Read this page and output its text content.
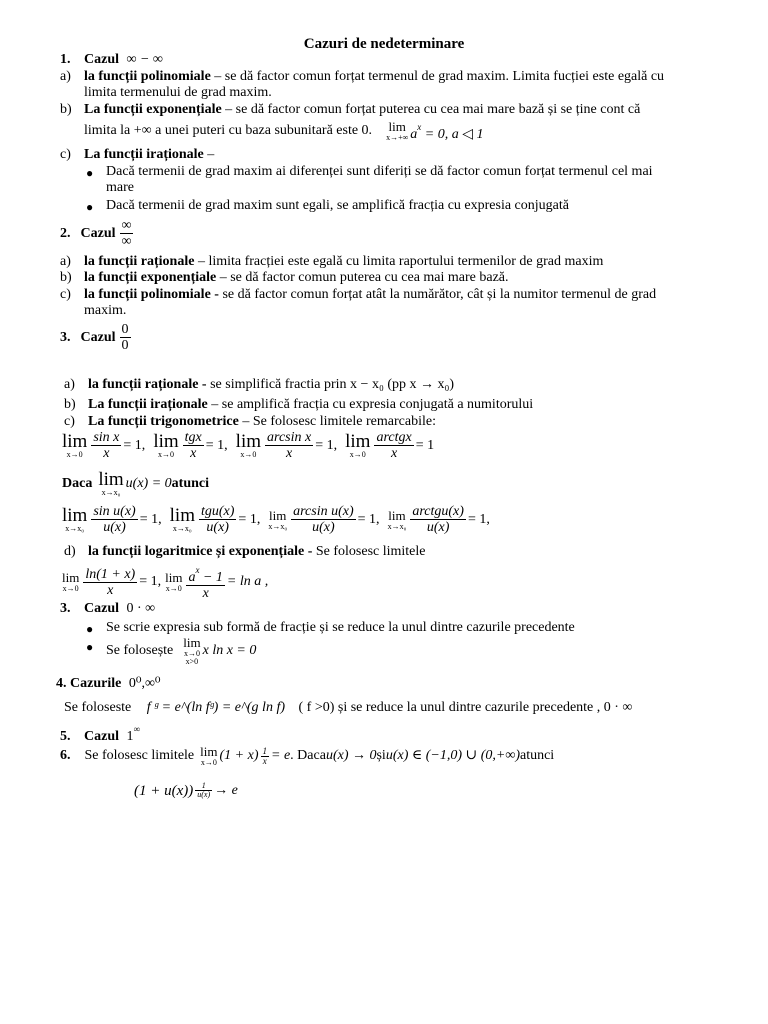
Cazuri de nedeterminare
1. Cazul ∞ − ∞
a) la funcții polinomiale – se dă factor comun forțat termenul de grad maxim. Limita fucției este egală cu
limita termenului de grad maxim.
b) La funcții exponențiale – se dă factor comun forțat puterea cu cea mai mare bază și se ține cont că
limita la +∞ a unei puteri cu baza subunitară este 0. lim
x→+∞ $a^x = 0$, a ◁ 1
c) La funcții iraționale –
● Dacă termenii de grad maxim ai diferenței sunt diferiți se dă factor comun forțat termenul cel mai
mare
● Dacă termenii de grad maxim sunt egali, se amplifică fracția cu expresia conjugată
2. Cazul $\frac{\infty}{\infty}$
a) la funcții raționale – limita fracției este egală cu limita raportului termenilor de grad maxim
b) la funcții exponențiale – se dă factor comun puterea cu cea mai mare bază.
c) la funcții polinomiale - se dă factor comun forțat atât la numărător, cât și la numitor termenul de grad
maxim.
3. Cazul $\frac{0}{0}$
a) la funcții raționale - se simplifică fractia prin x − x₀ (pp x → x₀)
b) La funcții iraționale – se amplifică fracția cu expresia conjugată a numitorului
c) La funcții trigonometrice – Se folosesc limitele remarcabile:
lim
$x\to 0 \frac{\text{sin x}}{x} = 1$, lim
$x\to 0 \frac{\text{tgx}}{x} = 1$, lim
$x\to 0 \frac{\text{arcsin x}}{x} = 1$, lim
$x\to 0 \frac{\text{arctgx}}{x} = 1$
Daca lim
x→x₀
u(x) = 0 atunci
lim
$x\to x_0 \frac{\text{sin u(x)}}{u(x)} = 1$, lim
$x\to x_0 \frac{\text{tgu(x)}}{u(x)} = 1$, lim
$x\to x_0 \frac{\text{arcsin u(x)}}{u(x)} = 1$, lim
$x\to x_0 \frac{\text{arctgu(x)}}{u(x)} = 1$,
d) la funcții logaritmice și exponențiale - Se folosesc limitele
lim
$x\to 0 \frac{\ln(1 + x)}{x} = 1$, lim
$x\to 0 \frac{a^x - 1}{x} = \ln a$ ,
3. Cazul 0 · ∞
● Se scrie expresia sub formă de fracție și se reduce la unul dintre cazurile precedente
● Se folosește
lim
x→0
x>0
x ln x = 0
4. Cazurile 0⁰,∞⁰
Se foloseste f ᵍ = e^(ln fᵍ) = e^(g ln f) ( f >0) și se reduce la unul dintre cazurile precedente , 0 · ∞
5. Cazul 1∞
6. Se folosesc limitele lim
x→0 $(1 + x) \frac{1}{x} = e$ . Daca u(x) → 0 și u(x) ∈ (−1,0) ∪ (0,+∞) atunci
$(1 + u(x)) \frac{1}{u(x)} \to e$
